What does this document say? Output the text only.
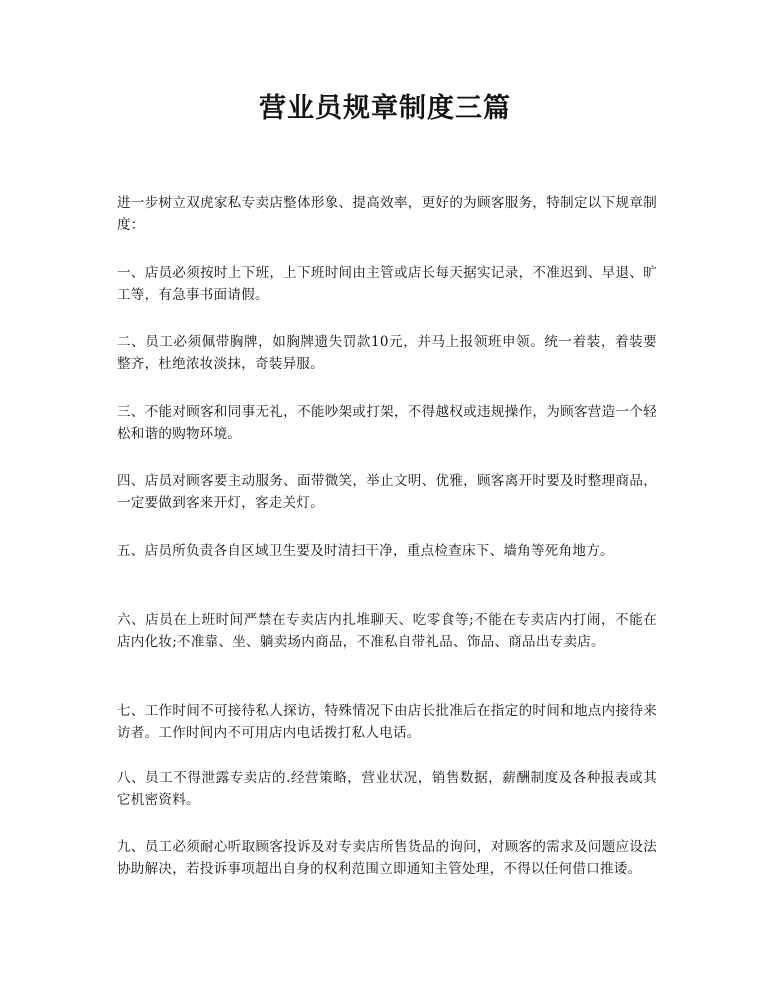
营业员规章制度三篇

进一步树立双虎家私专卖店整体形象、提高效率，更好的为顾客服务，特制定以下规章制度：

一、店员必须按时上下班，上下班时间由主管或店长每天据实记录，不准迟到、早退、旷工等，有急事书面请假。

二、员工必须佩带胸牌，如胸牌遗失罚款10元，并马上报领班申领。统一着装，着装要整齐，杜绝浓妆淡抹，奇装异服。

三、不能对顾客和同事无礼，不能吵架或打架，不得越权或违规操作，为顾客营造一个轻松和谐的购物环境。

四、店员对顾客要主动服务、面带微笑，举止文明、优雅，顾客离开时要及时整理商品，一定要做到客来开灯，客走关灯。

五、店员所负责各自区域卫生要及时清扫干净，重点检查床下、墙角等死角地方。

六、店员在上班时间严禁在专卖店内扎堆聊天、吃零食等;不能在专卖店内打闹，不能在店内化妆;不准靠、坐、躺卖场内商品，不准私自带礼品、饰品、商品出专卖店。

七、工作时间不可接待私人探访，特殊情况下由店长批准后在指定的时间和地点内接待来访者。工作时间内不可用店内电话拨打私人电话。

八、员工不得泄露专卖店的.经营策略，营业状况，销售数据，薪酬制度及各种报表或其它机密资料。

九、员工必须耐心听取顾客投诉及对专卖店所售货品的询问，对顾客的需求及问题应设法协助解决，若投诉事项超出自身的权利范围立即通知主管处理，不得以任何借口推诿。
